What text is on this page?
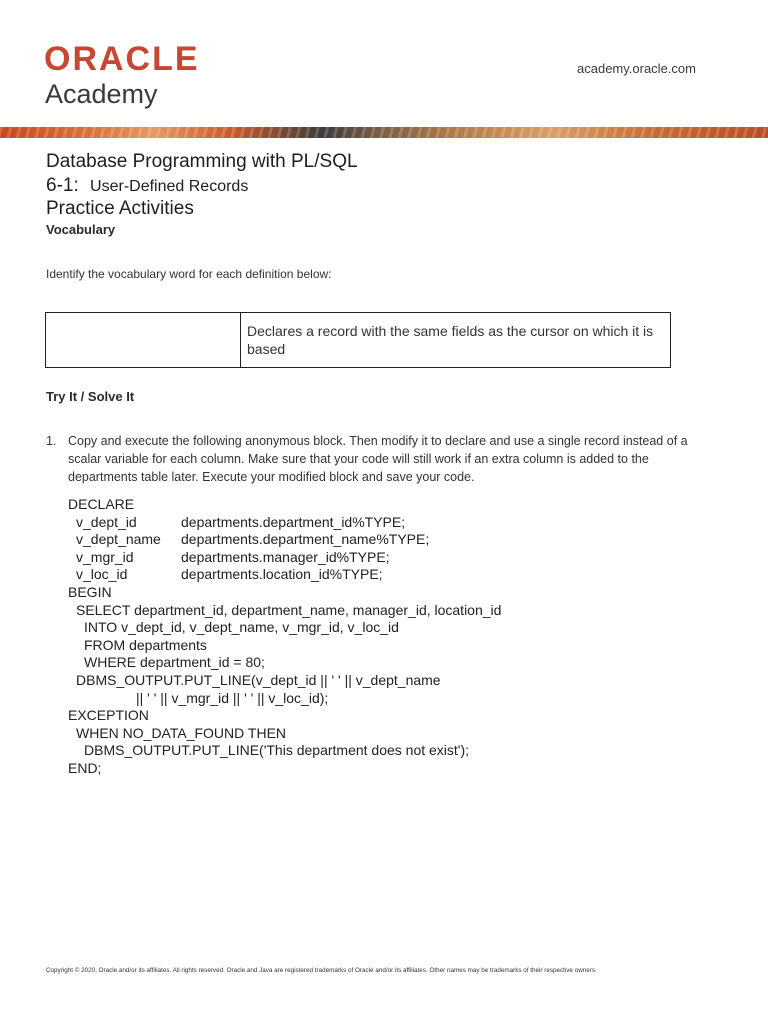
ORACLE
Academy
academy.oracle.com
Database Programming with PL/SQL
6-1: User-Defined Records
Practice Activities
Vocabulary
Identify the vocabulary word for each definition below:
	Declares a record with the same fields as the cursor on which it is based
Try It / Solve It
1. Copy and execute the following anonymous block. Then modify it to declare and use a single record instead of a scalar variable for each column. Make sure that your code will still work if an extra column is added to the departments table later. Execute your modified block and save your code.
DECLARE
v_dept_id	departments.department_id%TYPE;
v_dept_name departments.department_name%TYPE;
v_mgr_id	departments.manager_id%TYPE;
v_loc_id	departments.location_id%TYPE;
BEGIN
SELECT department_id, department_name, manager_id, location_id
INTO v_dept_id, v_dept_name, v_mgr_id, v_loc_id
FROM departments
WHERE department_id = 80;
DBMS_OUTPUT.PUT_LINE(v_dept_id || ' ' || v_dept_name
|| ' ' || v_mgr_id || ' ' || v_loc_id);
EXCEPTION
WHEN NO_DATA_FOUND THEN
DBMS_OUTPUT.PUT_LINE('This department does not exist');
END;
Copyright © 2020, Oracle and/or its affiliates. All rights reserved. Oracle and Java are registered trademarks of Oracle and/or its affiliates. Other names may be trademarks of their respective owners.
